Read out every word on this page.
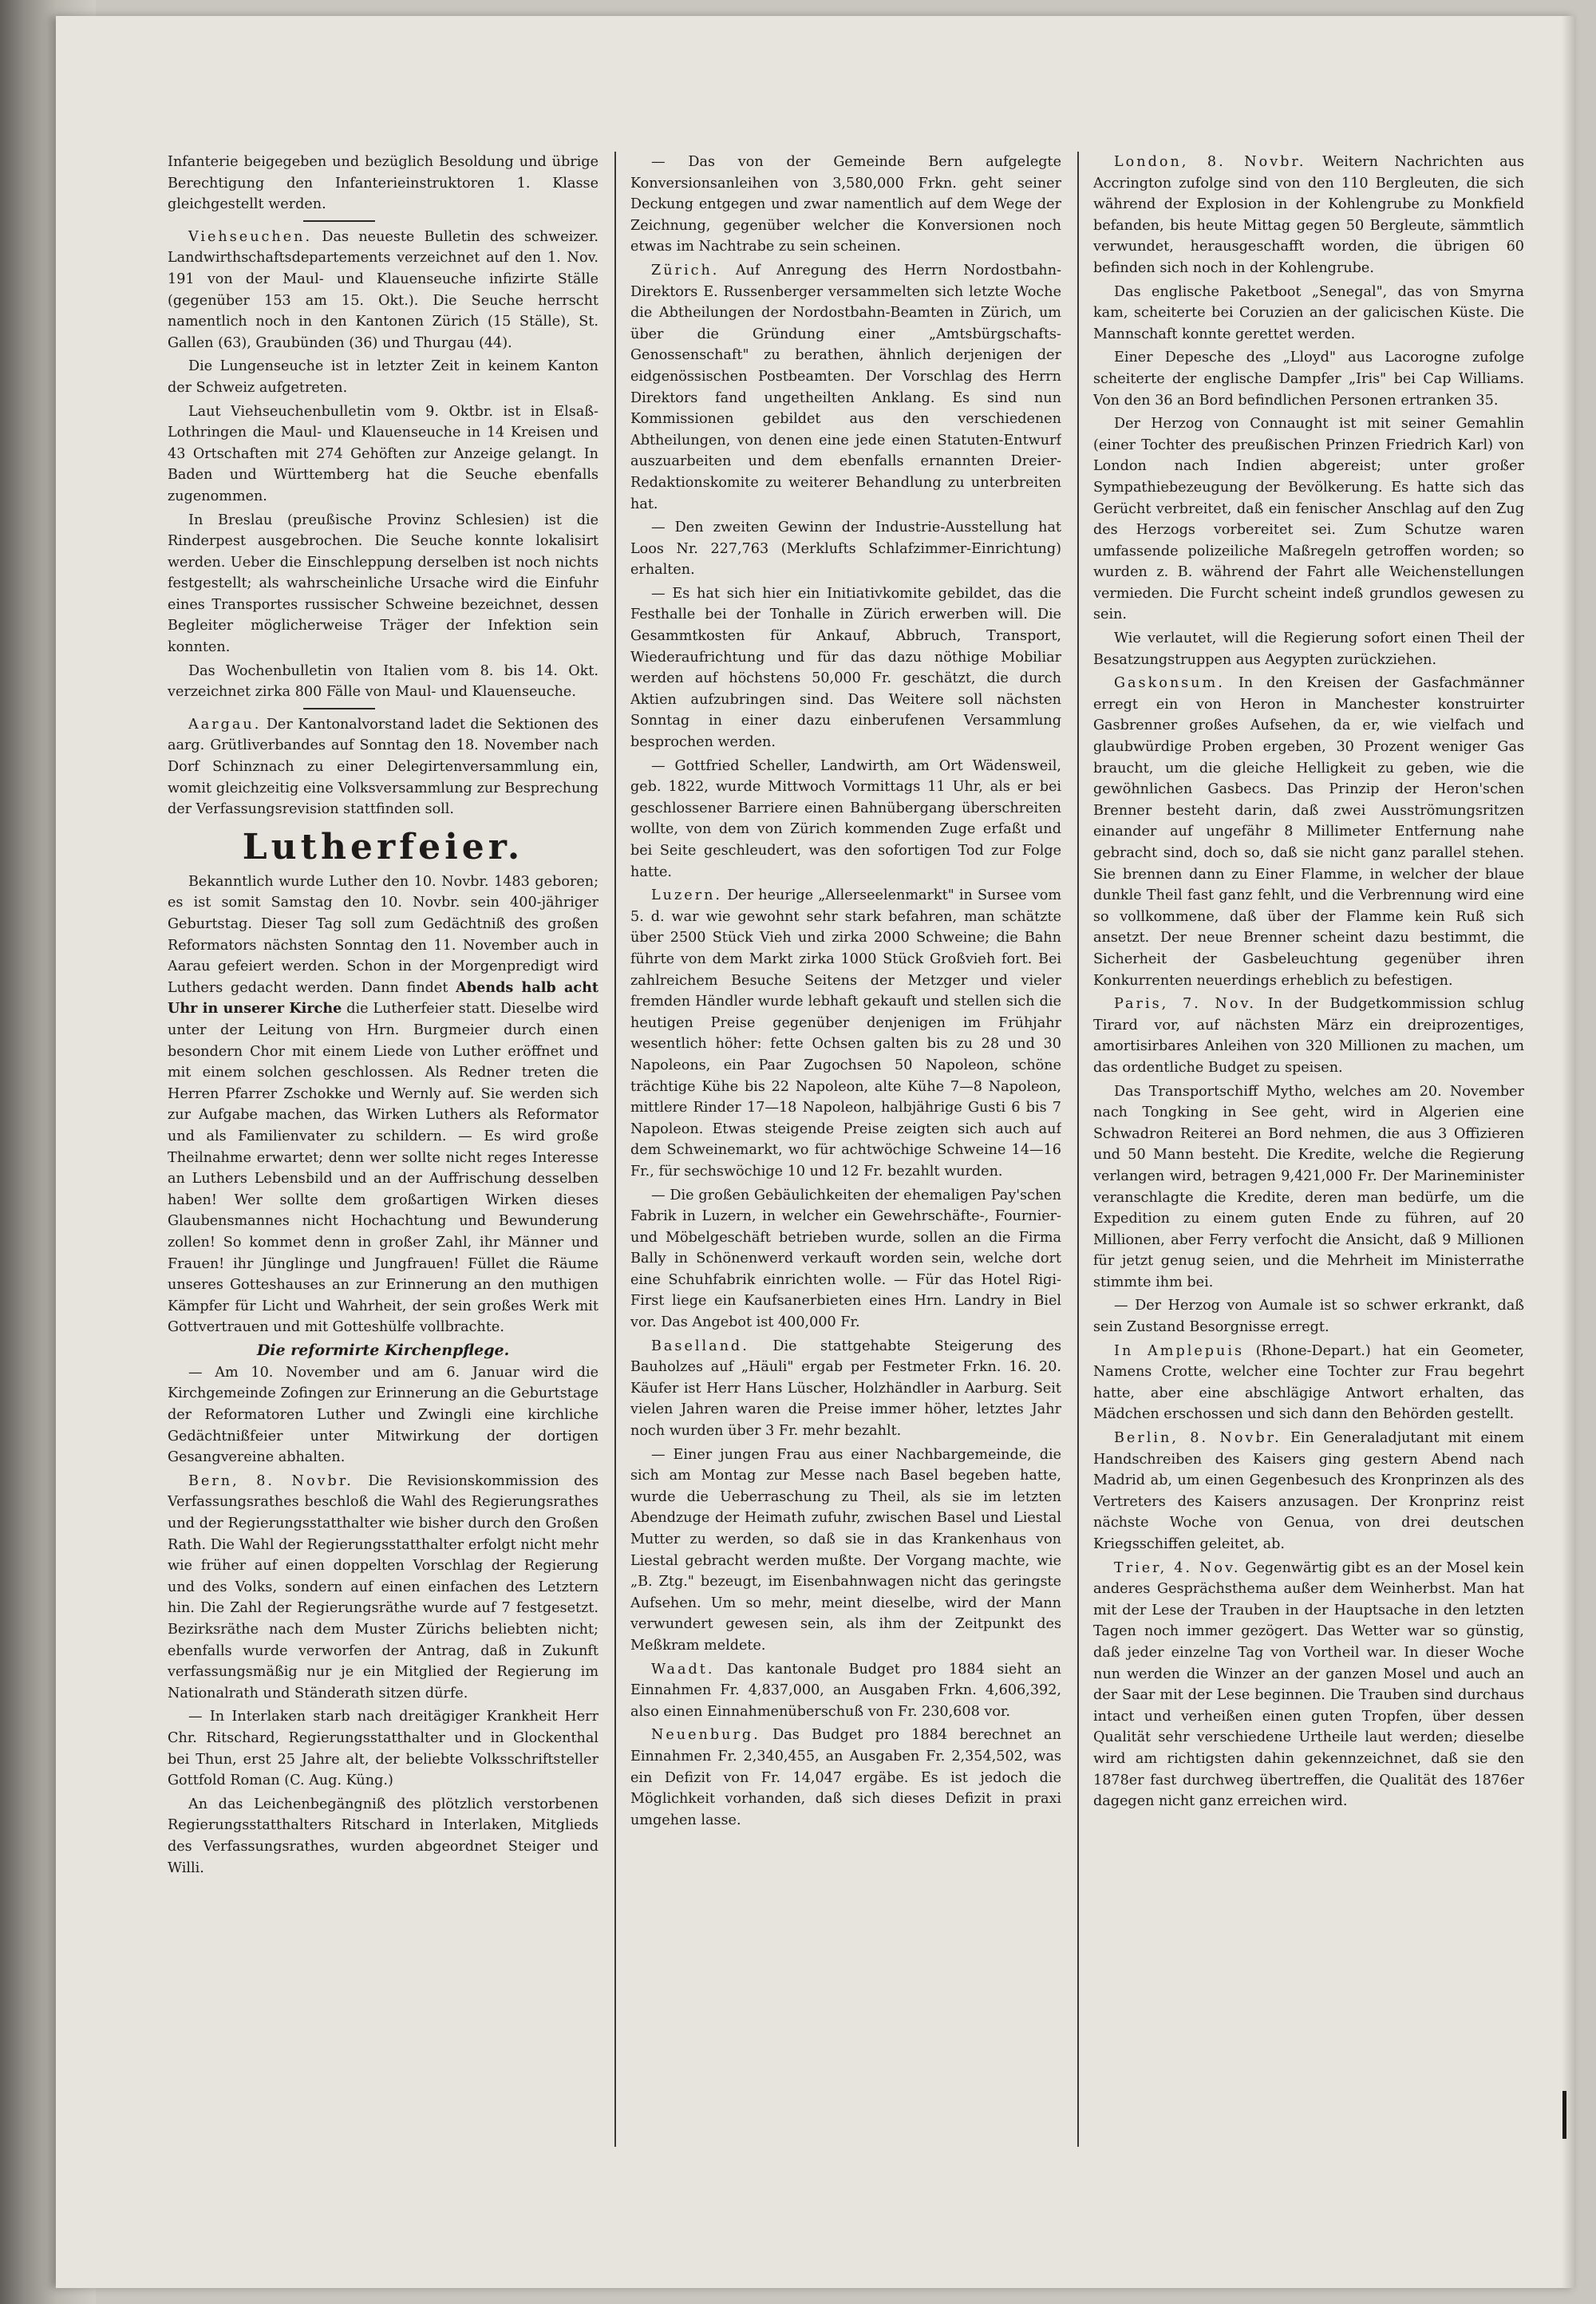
Infanterie beigegeben und bezüglich Besoldung und übrige Berechtigung den Infanterieinstruktoren 1. Klasse gleichgestellt werden.

Viehseuchen. Das neueste Bulletin des schweizer. Landwirthschaftsdepartements verzeichnet auf den 1. Nov. 191 von der Maul- und Klauenseuche infizirte Ställe (gegenüber 153 am 15. Okt.). Die Seuche herrscht namentlich noch in den Kantonen Zürich (15 Ställe), St. Gallen (63), Graubünden (36) und Thurgau (44).

Die Lungenseuche ist in letzter Zeit in keinem Kanton der Schweiz aufgetreten.

Laut Viehseuchenbulletin vom 9. Oktbr. ist in Elsaß-Lothringen die Maul- und Klauenseuche in 14 Kreisen und 43 Ortschaften mit 274 Gehöften zur Anzeige gelangt. In Baden und Württemberg hat die Seuche ebenfalls zugenommen.

In Breslau (preußische Provinz Schlesien) ist die Rinderpest ausgebrochen. Die Seuche konnte lokalisirt werden. Ueber die Einschleppung derselben ist noch nichts festgestellt; als wahrscheinliche Ursache wird die Einfuhr eines Transportes russischer Schweine bezeichnet, dessen Begleiter möglicherweise Träger der Infektion sein konnten.

Das Wochenbulletin von Italien vom 8. bis 14. Okt. verzeichnet zirka 800 Fälle von Maul- und Klauenseuche.

Aargau. Der Kantonalvorstand ladet die Sektionen des aarg. Grütliverbandes auf Sonntag den 18. November nach Dorf Schinznach zu einer Delegirtenversammlung ein, womit gleichzeitig eine Volksversammlung zur Besprechung der Verfassungsrevision stattfinden soll.

Lutherfeier.

Bekanntlich wurde Luther den 10. Novbr. 1483 geboren; es ist somit Samstag den 10. Novbr. sein 400-jähriger Geburtstag. Dieser Tag soll zum Gedächtniß des großen Reformators nächsten Sonntag den 11. November auch in Aarau gefeiert werden. Schon in der Morgenpredigt wird Luthers gedacht werden. Dann findet Abends halb acht Uhr in unserer Kirche die Lutherfeier statt. Dieselbe wird unter der Leitung von Hrn. Burgmeier durch einen besondern Chor mit einem Liede von Luther eröffnet und mit einem solchen geschlossen. Als Redner treten die Herren Pfarrer Zschokke und Wernly auf. Sie werden sich zur Aufgabe machen, das Wirken Luthers als Reformator und als Familienvater zu schildern. — Es wird große Theilnahme erwartet; denn wer sollte nicht reges Interesse an Luthers Lebensbild und an der Auffrischung desselben haben! Wer sollte dem großartigen Wirken dieses Glaubensmannes nicht Hochachtung und Bewunderung zollen! So kommet denn in großer Zahl, ihr Männer und Frauen! ihr Jünglinge und Jungfrauen! Füllet die Räume unseres Gotteshauses an zur Erinnerung an den muthigen Kämpfer für Licht und Wahrheit, der sein großes Werk mit Gottvertrauen und mit Gotteshülfe vollbrachte.

Die reformirte Kirchenpflege.

— Am 10. November und am 6. Januar wird die Kirchgemeinde Zofingen zur Erinnerung an die Geburtstage der Reformatoren Luther und Zwingli eine kirchliche Gedächtnißfeier unter Mitwirkung der dortigen Gesangvereine abhalten.

Bern, 8. Novbr. Die Revisionskommission des Verfassungsrathes beschloß die Wahl des Regierungsrathes und der Regierungsstatthalter wie bisher durch den Großen Rath. Die Wahl der Regierungsstatthalter erfolgt nicht mehr wie früher auf einen doppelten Vorschlag der Regierung und des Volks, sondern auf einen einfachen des Letztern hin. Die Zahl der Regierungsräthe wurde auf 7 festgesetzt. Bezirksräthe nach dem Muster Zürichs beliebten nicht; ebenfalls wurde verworfen der Antrag, daß in Zukunft verfassungsmäßig nur je ein Mitglied der Regierung im Nationalrath und Ständerath sitzen dürfe.

— In Interlaken starb nach dreitägiger Krankheit Herr Chr. Ritschard, Regierungsstatthalter und in Glockenthal bei Thun, erst 25 Jahre alt, der beliebte Volksschriftsteller Gottfold Roman (C. Aug. Küng.)

An das Leichenbegängniß des plötzlich verstorbenen Regierungsstatthalters Ritschard in Interlaken, Mitglieds des Verfassungsrathes, wurden abgeordnet Steiger und Willi.

— Das von der Gemeinde Bern aufgelegte Konversionsanleihen von 3,580,000 Frkn. geht seiner Deckung entgegen und zwar namentlich auf dem Wege der Zeichnung, gegenüber welcher die Konversionen noch etwas im Nachtrabe zu sein scheinen.

Zürich. Auf Anregung des Herrn Nordostbahn-Direktors E. Russenberger versammelten sich letzte Woche die Abtheilungen der Nordostbahn-Beamten in Zürich, um über die Gründung einer „Amtsbürgschafts-Genossenschaft" zu berathen, ähnlich derjenigen der eidgenössischen Postbeamten. Der Vorschlag des Herrn Direktors fand ungetheilten Anklang. Es sind nun Kommissionen gebildet aus den verschiedenen Abtheilungen, von denen eine jede einen Statuten-Entwurf auszuarbeiten und dem ebenfalls ernannten Dreier-Redaktionskomite zu weiterer Behandlung zu unterbreiten hat.

— Den zweiten Gewinn der Industrie-Ausstellung hat Loos Nr. 227,763 (Merklufts Schlafzimmer-Einrichtung) erhalten.

— Es hat sich hier ein Initiativkomite gebildet, das die Festhalle bei der Tonhalle in Zürich erwerben will. Die Gesammtkosten für Ankauf, Abbruch, Transport, Wiederaufrichtung und für das dazu nöthige Mobiliar werden auf höchstens 50,000 Fr. geschätzt, die durch Aktien aufzubringen sind. Das Weitere soll nächsten Sonntag in einer dazu einberufenen Versammlung besprochen werden.

— Gottfried Scheller, Landwirth, am Ort Wädensweil, geb. 1822, wurde Mittwoch Vormittags 11 Uhr, als er bei geschlossener Barriere einen Bahnübergang überschreiten wollte, von dem von Zürich kommenden Zuge erfaßt und bei Seite geschleudert, was den sofortigen Tod zur Folge hatte.

Luzern. Der heurige „Allerseelenmarkt" in Sursee vom 5. d. war wie gewohnt sehr stark befahren, man schätzte über 2500 Stück Vieh und zirka 2000 Schweine; die Bahn führte von dem Markt zirka 1000 Stück Großvieh fort. Bei zahlreichem Besuche Seitens der Metzger und vieler fremden Händler wurde lebhaft gekauft und stellen sich die heutigen Preise gegenüber denjenigen im Frühjahr wesentlich höher: fette Ochsen galten bis zu 28 und 30 Napoleons, ein Paar Zugochsen 50 Napoleon, schöne trächtige Kühe bis 22 Napoleon, alte Kühe 7—8 Napoleon, mittlere Rinder 17—18 Napoleon, halbjährige Gusti 6 bis 7 Napoleon. Etwas steigende Preise zeigten sich auch auf dem Schweinemarkt, wo für achtwöchige Schweine 14—16 Fr., für sechswöchige 10 und 12 Fr. bezahlt wurden.

— Die großen Gebäulichkeiten der ehemaligen Pay'schen Fabrik in Luzern, in welcher ein Gewehrschäfte-, Fournier- und Möbelgeschäft betrieben wurde, sollen an die Firma Bally in Schönenwerd verkauft worden sein, welche dort eine Schuhfabrik einrichten wolle. — Für das Hotel Rigi-First liege ein Kaufsanerbieten eines Hrn. Landry in Biel vor. Das Angebot ist 400,000 Fr.

Baselland. Die stattgehabte Steigerung des Bauholzes auf „Häuli" ergab per Festmeter Frkn. 16. 20. Käufer ist Herr Hans Lüscher, Holzhändler in Aarburg. Seit vielen Jahren waren die Preise immer höher, letztes Jahr noch wurden über 3 Fr. mehr bezahlt.

— Einer jungen Frau aus einer Nachbargemeinde, die sich am Montag zur Messe nach Basel begeben hatte, wurde die Ueberraschung zu Theil, als sie im letzten Abendzuge der Heimath zufuhr, zwischen Basel und Liestal Mutter zu werden, so daß sie in das Krankenhaus von Liestal gebracht werden mußte. Der Vorgang machte, wie „B. Ztg." bezeugt, im Eisenbahnwagen nicht das geringste Aufsehen. Um so mehr, meint dieselbe, wird der Mann verwundert gewesen sein, als ihm der Zeitpunkt des Meßkram meldete.

Waadt. Das kantonale Budget pro 1884 sieht an Einnahmen Fr. 4,837,000, an Ausgaben Frkn. 4,606,392, also einen Einnahmenüberschuß von Fr. 230,608 vor.

Neuenburg. Das Budget pro 1884 berechnet an Einnahmen Fr. 2,340,455, an Ausgaben Fr. 2,354,502, was ein Defizit von Fr. 14,047 ergäbe. Es ist jedoch die Möglichkeit vorhanden, daß sich dieses Defizit in praxi umgehen lasse.

London, 8. Novbr. Weitern Nachrichten aus Accrington zufolge sind von den 110 Bergleuten, die sich während der Explosion in der Kohlengrube zu Monkfield befanden, bis heute Mittag gegen 50 Bergleute, sämmtlich verwundet, herausgeschafft worden, die übrigen 60 befinden sich noch in der Kohlengrube.

Das englische Paketboot „Senegal", das von Smyrna kam, scheiterte bei Coruzien an der galicischen Küste. Die Mannschaft konnte gerettet werden.

Einer Depesche des „Lloyd" aus Lacorogne zufolge scheiterte der englische Dampfer „Iris" bei Cap Williams. Von den 36 an Bord befindlichen Personen ertranken 35.

Der Herzog von Connaught ist mit seiner Gemahlin (einer Tochter des preußischen Prinzen Friedrich Karl) von London nach Indien abgereist; unter großer Sympathiebezeugung der Bevölkerung. Es hatte sich das Gerücht verbreitet, daß ein fenischer Anschlag auf den Zug des Herzogs vorbereitet sei. Zum Schutze waren umfassende polizeiliche Maßregeln getroffen worden; so wurden z. B. während der Fahrt alle Weichenstellungen vermieden. Die Furcht scheint indeß grundlos gewesen zu sein.

Wie verlautet, will die Regierung sofort einen Theil der Besatzungstruppen aus Aegypten zurückziehen.

Gaskonsum. In den Kreisen der Gasfachmänner erregt ein von Heron in Manchester konstruirter Gasbrenner großes Aufsehen, da er, wie vielfach und glaubwürdige Proben ergeben, 30 Prozent weniger Gas braucht, um die gleiche Helligkeit zu geben, wie die gewöhnlichen Gasbecs. Das Prinzip der Heron'schen Brenner besteht darin, daß zwei Ausströmungsritzen einander auf ungefähr 8 Millimeter Entfernung nahe gebracht sind, doch so, daß sie nicht ganz parallel stehen. Sie brennen dann zu Einer Flamme, in welcher der blaue dunkle Theil fast ganz fehlt, und die Verbrennung wird eine so vollkommene, daß über der Flamme kein Ruß sich ansetzt. Der neue Brenner scheint dazu bestimmt, die Sicherheit der Gasbeleuchtung gegenüber ihren Konkurrenten neuerdings erheblich zu befestigen.

Paris, 7. Nov. In der Budgetkommission schlug Tirard vor, auf nächsten März ein dreiprozentiges, amortisirbares Anleihen von 320 Millionen zu machen, um das ordentliche Budget zu speisen.

Das Transportschiff Mytho, welches am 20. November nach Tongking in See geht, wird in Algerien eine Schwadron Reiterei an Bord nehmen, die aus 3 Offizieren und 50 Mann besteht. Die Kredite, welche die Regierung verlangen wird, betragen 9,421,000 Fr. Der Marineminister veranschlagte die Kredite, deren man bedürfe, um die Expedition zu einem guten Ende zu führen, auf 20 Millionen, aber Ferry verfocht die Ansicht, daß 9 Millionen für jetzt genug seien, und die Mehrheit im Ministerrathe stimmte ihm bei.

— Der Herzog von Aumale ist so schwer erkrankt, daß sein Zustand Besorgnisse erregt.

In Amplepuis (Rhone-Depart.) hat ein Geometer, Namens Crotte, welcher eine Tochter zur Frau begehrt hatte, aber eine abschlägige Antwort erhalten, das Mädchen erschossen und sich dann den Behörden gestellt.

Berlin, 8. Novbr. Ein Generaladjutant mit einem Handschreiben des Kaisers ging gestern Abend nach Madrid ab, um einen Gegenbesuch des Kronprinzen als des Vertreters des Kaisers anzusagen. Der Kronprinz reist nächste Woche von Genua, von drei deutschen Kriegsschiffen geleitet, ab.

Trier, 4. Nov. Gegenwärtig gibt es an der Mosel kein anderes Gesprächsthema außer dem Weinherbst. Man hat mit der Lese der Trauben in der Hauptsache in den letzten Tagen noch immer gezögert. Das Wetter war so günstig, daß jeder einzelne Tag von Vortheil war. In dieser Woche nun werden die Winzer an der ganzen Mosel und auch an der Saar mit der Lese beginnen. Die Trauben sind durchaus intact und verheißen einen guten Tropfen, über dessen Qualität sehr verschiedene Urtheile laut werden; dieselbe wird am richtigsten dahin gekennzeichnet, daß sie den 1878er fast durchweg übertreffen, die Qualität des 1876er dagegen nicht ganz erreichen wird.
